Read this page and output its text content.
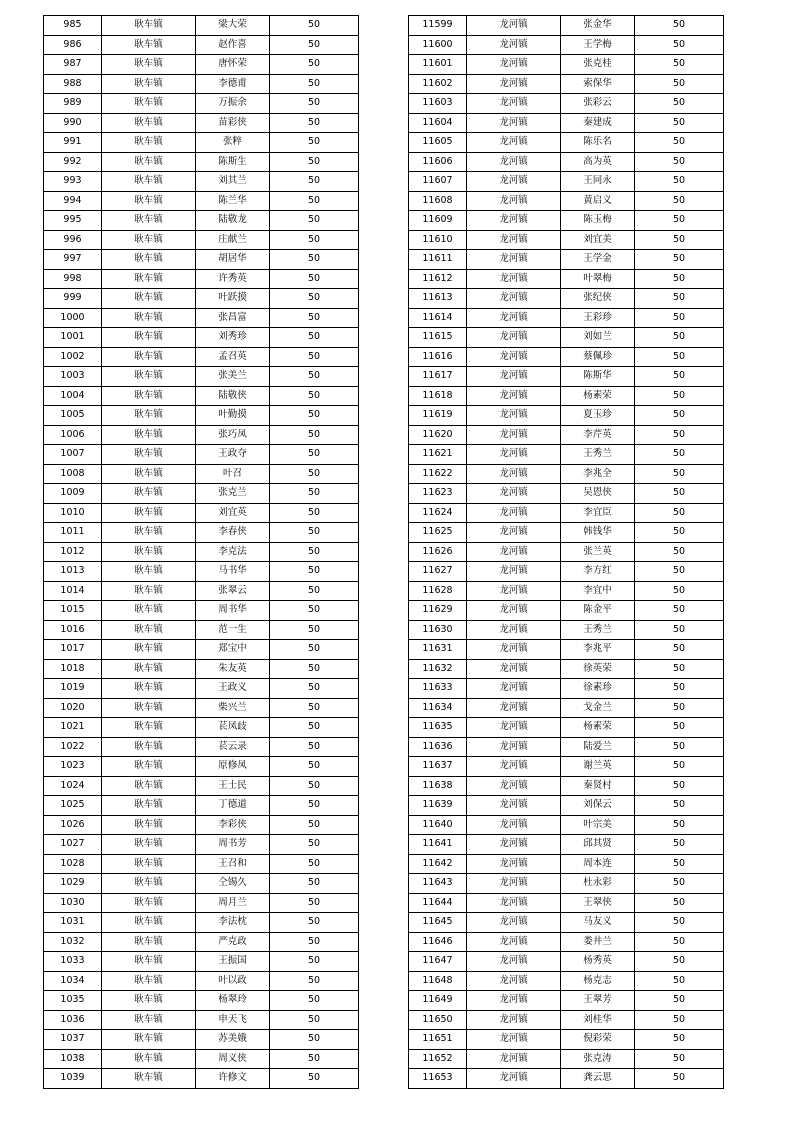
985	耿车镇	梁大荣	50
986	耿车镇	赵作喜	50
987	耿车镇	唐怀荣	50
988	耿车镇	李德甫	50
989	耿车镇	万振余	50
990	耿车镇	苗彩侠	50
991	耿车镇	张粹	50
992	耿车镇	陈斯生	50
993	耿车镇	刘其兰	50
994	耿车镇	陈兰华	50
995	耿车镇	陆敬龙	50
996	耿车镇	庄献兰	50
997	耿车镇	胡居华	50
998	耿车镇	许秀英	50
999	耿车镇	叶跃摸	50
1000	耿车镇	张昌富	50
1001	耿车镇	刘秀珍	50
1002	耿车镇	孟召英	50
1003	耿车镇	张美兰	50
1004	耿车镇	陆敬侠	50
1005	耿车镇	叶勤摸	50
1006	耿车镇	张巧凤	50
1007	耿车镇	王政夺	50
1008	耿车镇	叶召	50
1009	耿车镇	张克兰	50
1010	耿车镇	刘宜英	50
1011	耿车镇	李春侠	50
1012	耿车镇	李克法	50
1013	耿车镇	马书华	50
1014	耿车镇	张翠云	50
1015	耿车镇	周书华	50
1016	耿车镇	范一生	50
1017	耿车镇	郑宝中	50
1018	耿车镇	朱友英	50
1019	耿车镇	王政义	50
1020	耿车镇	柴兴兰	50
1021	耿车镇	苌凤歧	50
1022	耿车镇	苌云录	50
1023	耿车镇	原修凤	50
1024	耿车镇	王士民	50
1025	耿车镇	丁德道	50
1026	耿车镇	李彩侠	50
1027	耿车镇	周书芳	50
1028	耿车镇	王召和	50
1029	耿车镇	仝锡久	50
1030	耿车镇	周月兰	50
1031	耿车镇	李法枕	50
1032	耿车镇	严克政	50
1033	耿车镇	王振国	50
1034	耿车镇	叶以政	50
1035	耿车镇	杨翠玲	50
1036	耿车镇	申天飞	50
1037	耿车镇	苏美娥	50
1038	耿车镇	周义侠	50
1039	耿车镇	许修文	50
11599	龙河镇	张金华	50
11600	龙河镇	王学梅	50
11601	龙河镇	张克桂	50
11602	龙河镇	索保华	50
11603	龙河镇	张彩云	50
11604	龙河镇	秦建成	50
11605	龙河镇	陈乐名	50
11606	龙河镇	高为英	50
11607	龙河镇	王同永	50
11608	龙河镇	黄启义	50
11609	龙河镇	陈玉梅	50
11610	龙河镇	刘宜美	50
11611	龙河镇	王学金	50
11612	龙河镇	叶翠梅	50
11613	龙河镇	张纪侠	50
11614	龙河镇	王彩珍	50
11615	龙河镇	刘如兰	50
11616	龙河镇	蔡佩珍	50
11617	龙河镇	陈斯华	50
11618	龙河镇	杨素荣	50
11619	龙河镇	夏玉珍	50
11620	龙河镇	李芹英	50
11621	龙河镇	王秀兰	50
11622	龙河镇	李兆全	50
11623	龙河镇	吴恩侠	50
11624	龙河镇	李宜臣	50
11625	龙河镇	韩钱华	50
11626	龙河镇	张兰英	50
11627	龙河镇	李方红	50
11628	龙河镇	李宜中	50
11629	龙河镇	陈金平	50
11630	龙河镇	王秀兰	50
11631	龙河镇	李兆平	50
11632	龙河镇	徐英荣	50
11633	龙河镇	徐素珍	50
11634	龙河镇	戈金兰	50
11635	龙河镇	杨素荣	50
11636	龙河镇	陆爱兰	50
11637	龙河镇	谢兰英	50
11638	龙河镇	秦贤村	50
11639	龙河镇	刘保云	50
11640	龙河镇	叶宗美	50
11641	龙河镇	邱其贤	50
11642	龙河镇	周本连	50
11643	龙河镇	杜永彩	50
11644	龙河镇	王翠侠	50
11645	龙河镇	马友义	50
11646	龙河镇	娄井兰	50
11647	龙河镇	杨秀英	50
11648	龙河镇	杨克志	50
11649	龙河镇	王翠芳	50
11650	龙河镇	刘桂华	50
11651	龙河镇	倪彩荣	50
11652	龙河镇	张克涛	50
11653	龙河镇	龚云思	50
